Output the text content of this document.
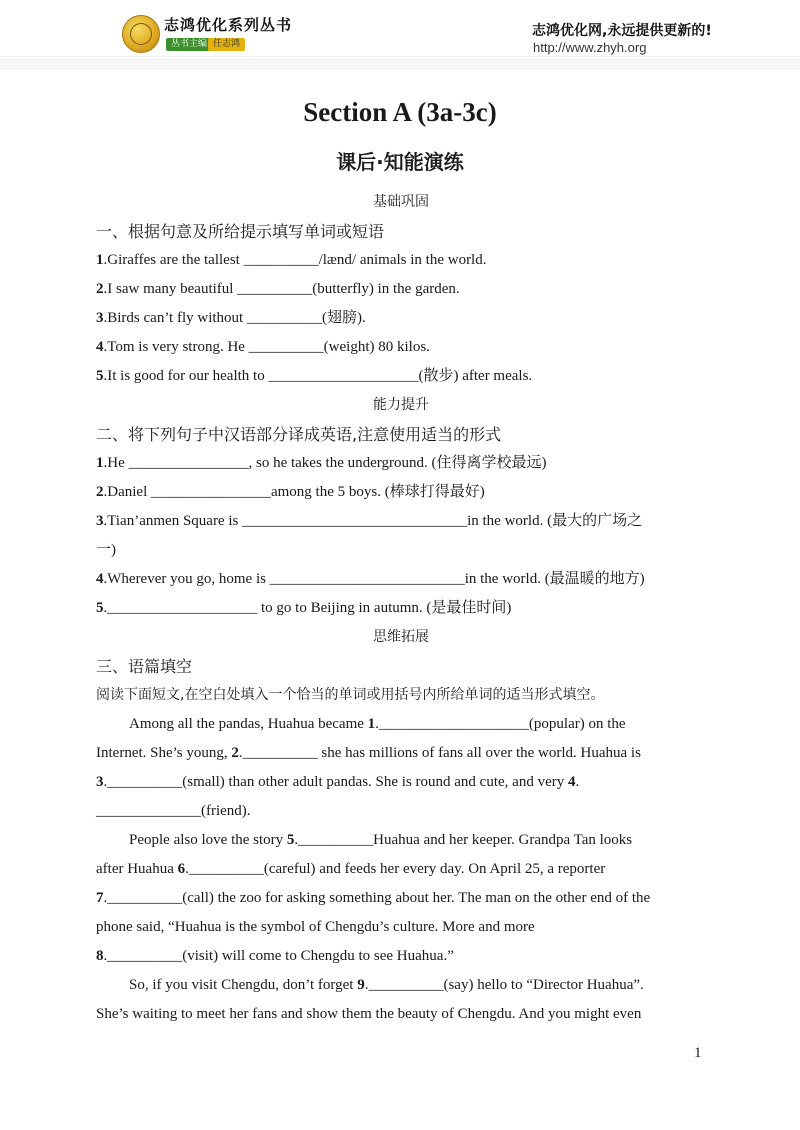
志鸿优化系列丛书
丛书主编 任志鸿
志鸿优化网,永远提供更新的!
http://www.zhyh.org
Section A (3a-3c)
课后·知能演练
基础巩固
一、根据句意及所给提示填写单词或短语
1.Giraffes are the tallest __________/lænd/ animals in the world.
2.I saw many beautiful __________(butterfly) in the garden.
3.Birds can’t fly without __________(翅膀).
4.Tom is very strong. He __________(weight) 80 kilos.
5.It is good for our health to ____________________(散步) after meals.
能力提升
二、将下列句子中汉语部分译成英语,注意使用适当的形式
1.He ________________, so he takes the underground. (住得离学校最远)
2.Daniel ________________among the 5 boys. (棒球打得最好)
3.Tian’anmen Square is ______________________________in the world. (最大的广场之
一)
4.Wherever you go, home is __________________________in the world. (最温暖的地方)
5.____________________ to go to Beijing in autumn. (是最佳时间)
思维拓展
三、语篇填空
阅读下面短文,在空白处填入一个恰当的单词或用括号内所给单词的适当形式填空。
Among all the pandas, Huahua became 1.____________________(popular) on the
Internet. She’s young, 2.__________ she has millions of fans all over the world. Huahua is
3.__________(small) than other adult pandas. She is round and cute, and very 4.
______________(friend).
People also love the story 5.__________Huahua and her keeper. Grandpa Tan looks
after Huahua 6.__________(careful) and feeds her every day. On April 25, a reporter
7.__________(call) the zoo for asking something about her. The man on the other end of the
phone said, “Huahua is the symbol of Chengdu’s culture. More and more
8.__________(visit) will come to Chengdu to see Huahua.”
So, if you visit Chengdu, don’t forget 9.__________(say) hello to “Director Huahua”.
She’s waiting to meet her fans and show them the beauty of Chengdu. And you might even
1
